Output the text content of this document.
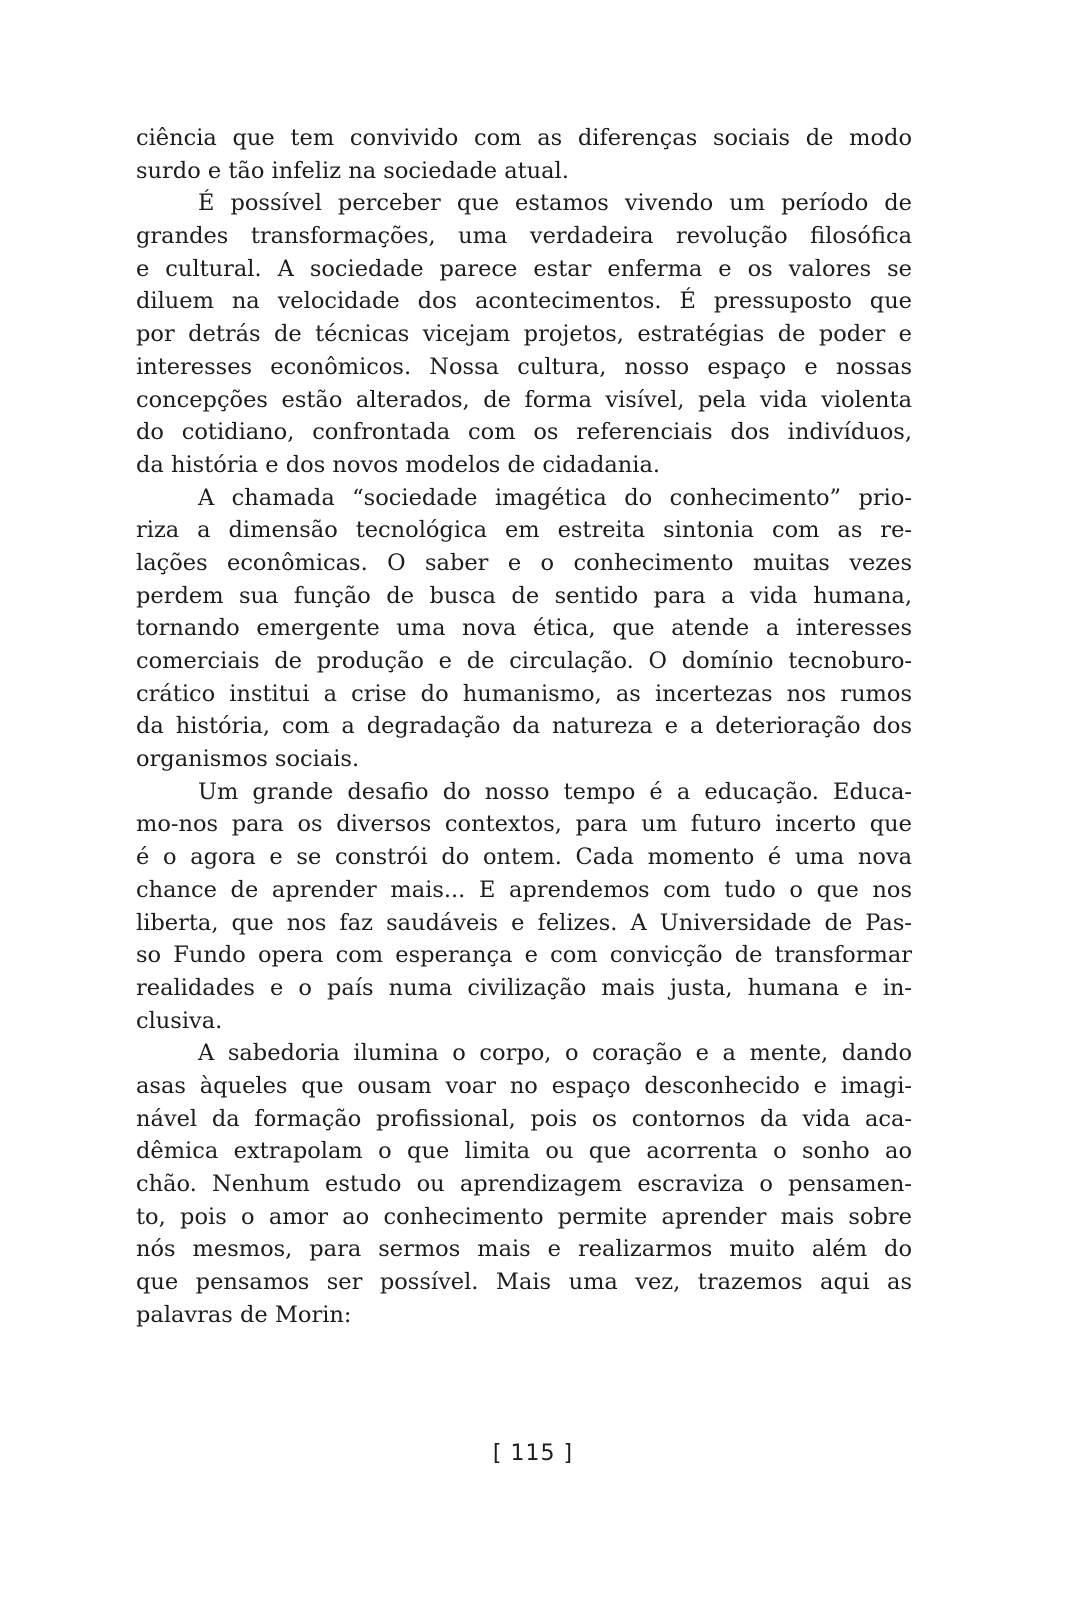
ciência que tem convivido com as diferenças sociais de modo
surdo e tão infeliz na sociedade atual.
É possível perceber que estamos vivendo um período de
grandes transformações, uma verdadeira revolução filosófica
e cultural. A sociedade parece estar enferma e os valores se
diluem na velocidade dos acontecimentos. É pressuposto que
por detrás de técnicas vicejam projetos, estratégias de poder e
interesses econômicos. Nossa cultura, nosso espaço e nossas
concepções estão alterados, de forma visível, pela vida violenta
do cotidiano, confrontada com os referenciais dos indivíduos,
da história e dos novos modelos de cidadania.
A chamada “sociedade imagética do conhecimento” prio-
riza a dimensão tecnológica em estreita sintonia com as re-
lações econômicas. O saber e o conhecimento muitas vezes
perdem sua função de busca de sentido para a vida humana,
tornando emergente uma nova ética, que atende a interesses
comerciais de produção e de circulação. O domínio tecnoburo-
crático institui a crise do humanismo, as incertezas nos rumos
da história, com a degradação da natureza e a deterioração dos
organismos sociais.
Um grande desafio do nosso tempo é a educação. Educa-
mo-nos para os diversos contextos, para um futuro incerto que
é o agora e se constrói do ontem. Cada momento é uma nova
chance de aprender mais... E aprendemos com tudo o que nos
liberta, que nos faz saudáveis e felizes. A Universidade de Pas-
so Fundo opera com esperança e com convicção de transformar
realidades e o país numa civilização mais justa, humana e in-
clusiva.
A sabedoria ilumina o corpo, o coração e a mente, dando
asas àqueles que ousam voar no espaço desconhecido e imagi-
nável da formação profissional, pois os contornos da vida aca-
dêmica extrapolam o que limita ou que acorrenta o sonho ao
chão. Nenhum estudo ou aprendizagem escraviza o pensamen-
to, pois o amor ao conhecimento permite aprender mais sobre
nós mesmos, para sermos mais e realizarmos muito além do
que pensamos ser possível. Mais uma vez, trazemos aqui as
palavras de Morin:
[ 115 ]
